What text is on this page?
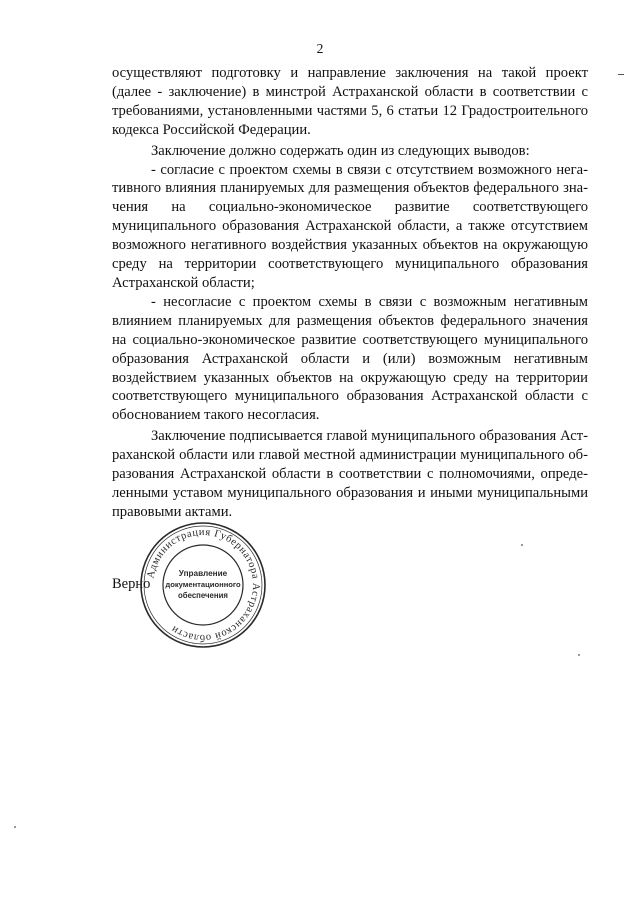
2

осуществляют подготовку и направление заключения на такой проект (далее - заключение) в минстрой Астраханской области в соответствии с требованиями, установленными частями 5, 6 статьи 12 Градостроительного кодекса Российской Федерации.

Заключение должно содержать один из следующих выводов:

- согласие с проектом схемы в связи с отсутствием возможного негативного влияния планируемых для размещения объектов федерального значения на социально-экономическое развитие соответствующего муниципального образования Астраханской области, а также отсутствием возможного негативного воздействия указанных объектов на окружающую среду на территории соответствующего муниципального образования Астраханской области;

- несогласие с проектом схемы в связи с возможным негативным влиянием планируемых для размещения объектов федерального значения на социально-экономическое развитие соответствующего муниципального образования Астраханской области и (или) возможным негативным воздействием указанных объектов на окружающую среду на территории соответствующего муниципального образования Астраханской области с обоснованием такого несогласия.

Заключение подписывается главой муниципального образования Астраханской области или главой местной администрации муниципального образования Астраханской области в соответствии с полномочиями, определенными уставом муниципального образования и иными муниципальными правовыми актами.

Верно
Администрация Губернатора Астраханской области
Управление
документационного
обеспечения
